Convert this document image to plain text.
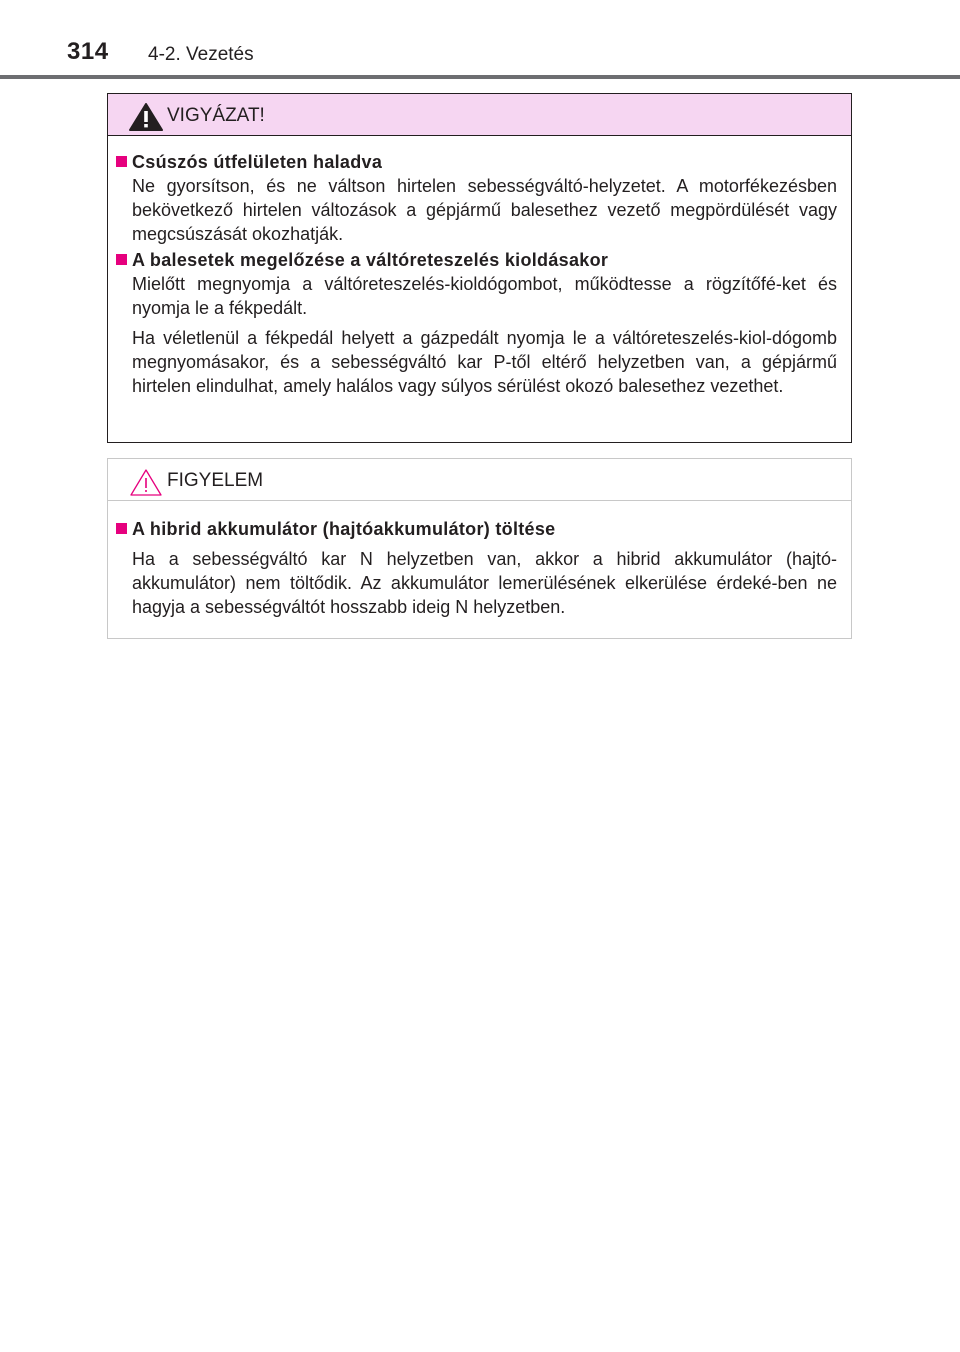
314 4-2. Vezetés
VIGYÁZAT!
Csúszós útfelületen haladva

Ne gyorsítson, és ne váltson hirtelen sebességváltó-helyzetet. A motorfékezésben bekövetkező hirtelen változások a gépjármű balesethez vezető megpördülését vagy megcsúszását okozhatják.

A balesetek megelőzése a váltóreteszelés kioldásakor

Mielőtt megnyomja a váltóreteszelés-kioldógombot, működtesse a rögzítőfé-ket és nyomja le a fékpedált.

Ha véletlenül a fékpedál helyett a gázpedált nyomja le a váltóreteszelés-kiol-dógomb megnyomásakor, és a sebességváltó kar P-től eltérő helyzetben van, a gépjármű hirtelen elindulhat, amely halálos vagy súlyos sérülést okozó balesethez vezethet.

FIGYELEM
A hibrid akkumulátor (hajtóakkumulátor) töltése

Ha a sebességváltó kar N helyzetben van, akkor a hibrid akkumulátor (hajtó-akkumulátor) nem töltődik. Az akkumulátor lemerülésének elkerülése érdeké-ben ne hagyja a sebességváltót hosszabb ideig N helyzetben.
